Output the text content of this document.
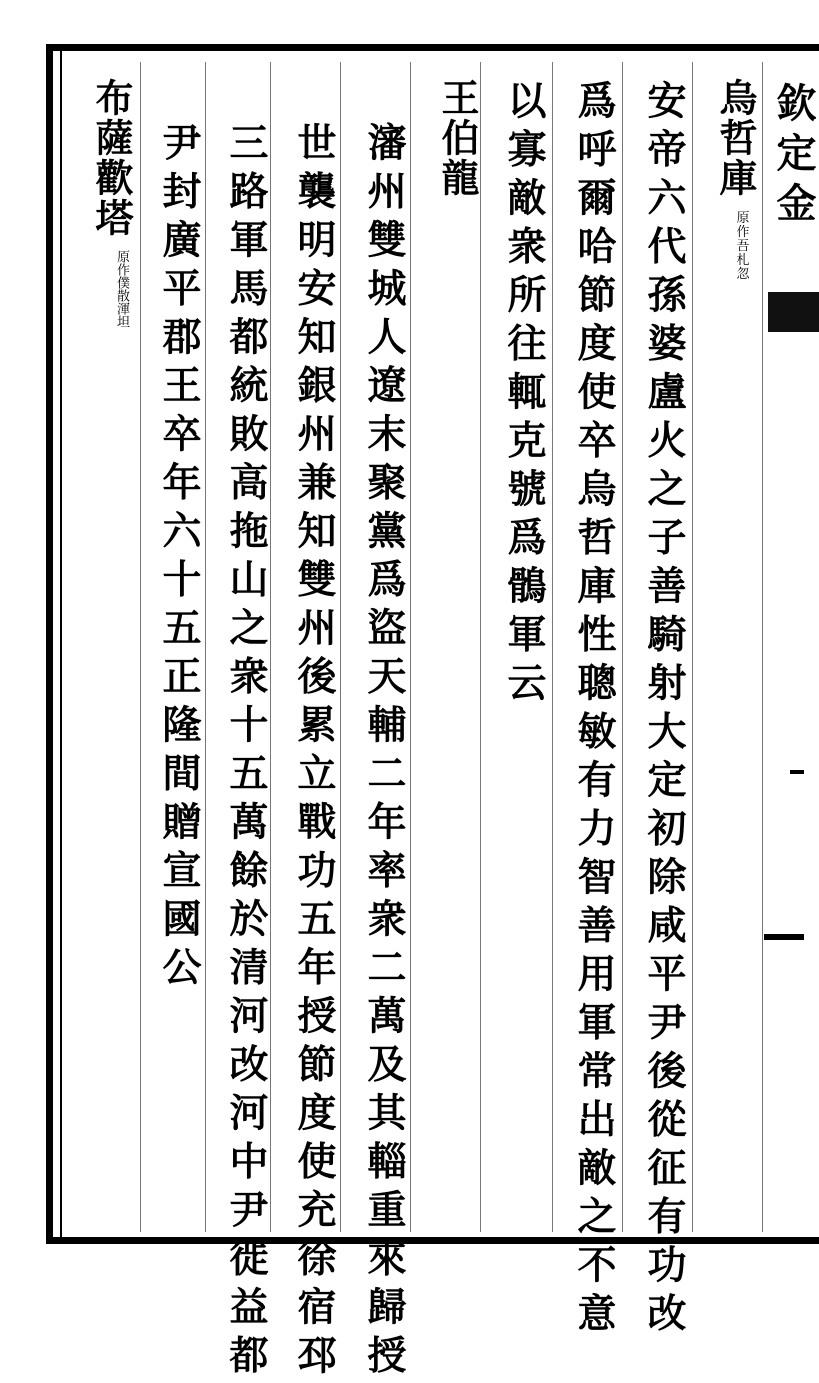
烏哲庫
原作吾札忽
安帝六代孫婆盧火之子善騎射大定初除咸平尹後從征有功改
爲呼爾哈節度使卒烏哲庫性聰敏有力智善用軍常出敵之不意
以寡敵衆所往輒克號爲鶻軍云
王伯龍
瀋州雙城人遼末聚黨爲盜天輔二年率衆二萬及其輜重來歸授
世襲明安知銀州兼知雙州後累立戰功五年授節度使充徐宿邳
三路軍馬都統敗高拖山之衆十五萬餘於清河改河中尹徙益都
尹封廣平郡王卒年六十五正隆間贈宣國公
布薩歡塔
原作僕散渾坦
欽定金
